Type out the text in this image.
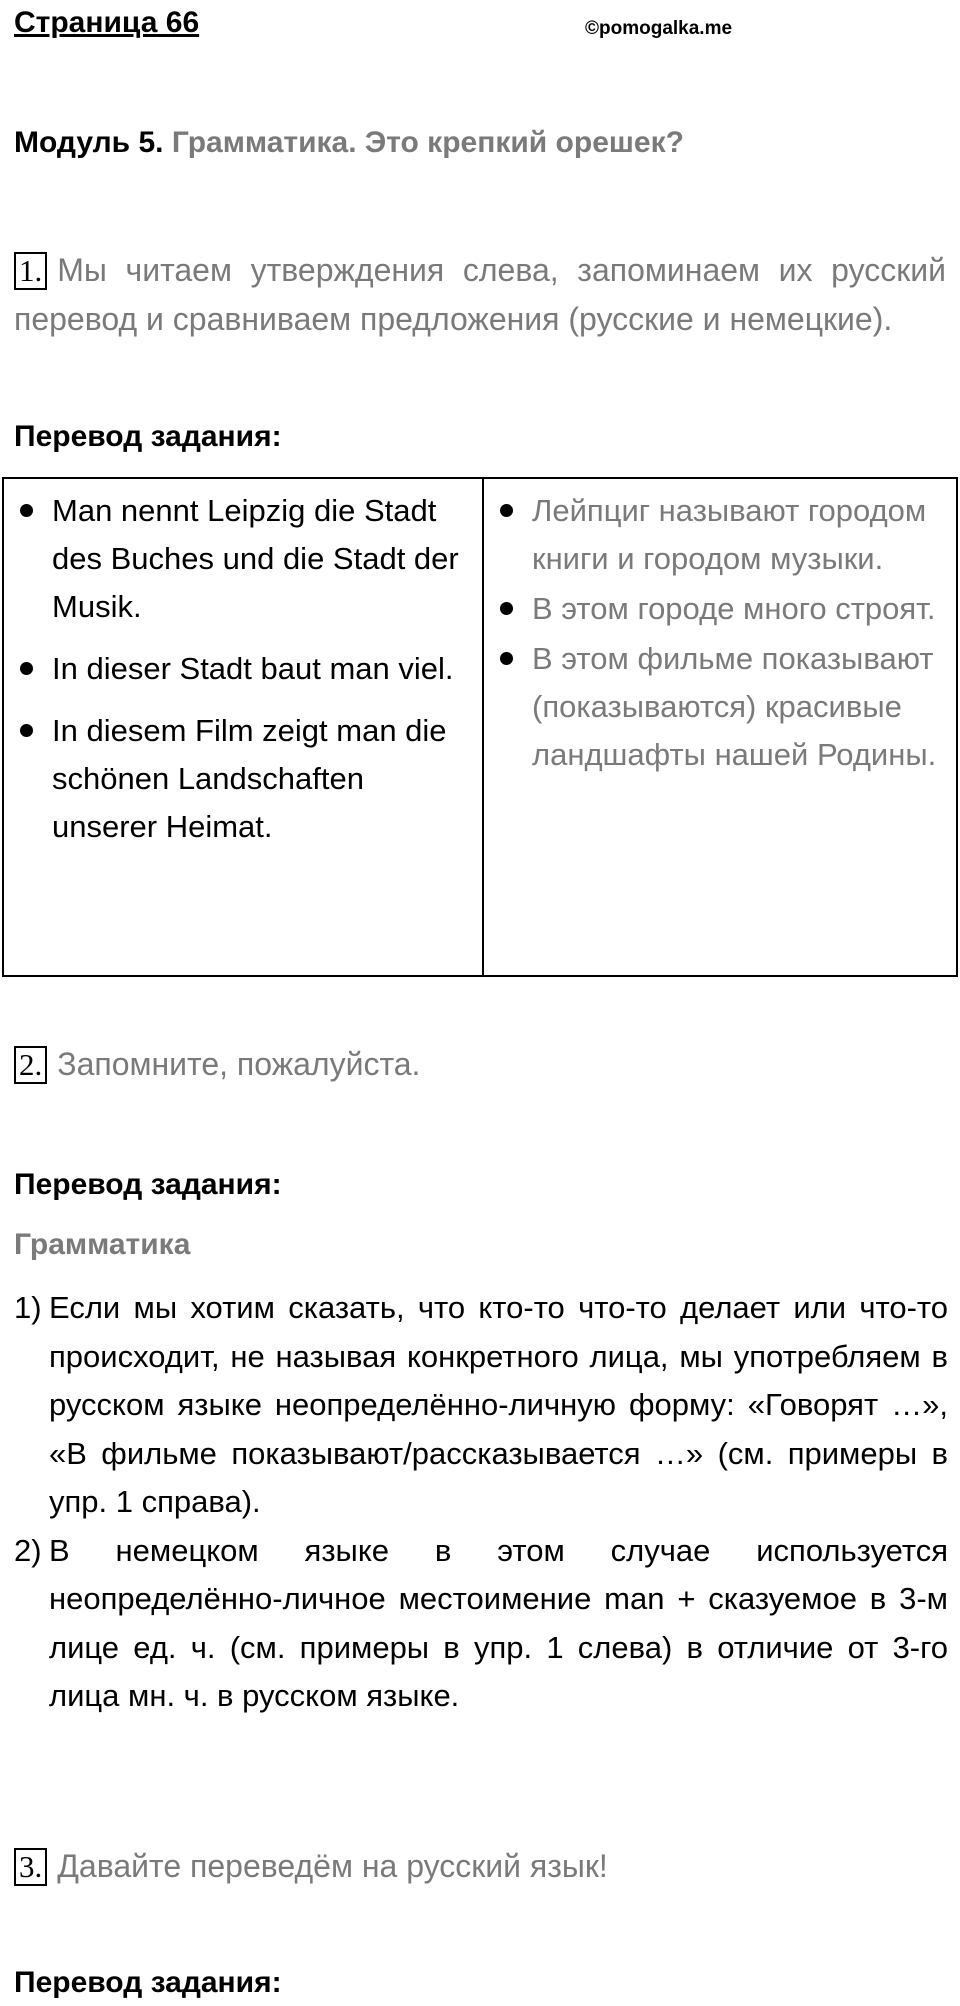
Страница 66	©pomogalka.me
Модуль 5. Грамматика. Это крепкий орешек?
1. Мы читаем утверждения слева, запоминаем их русский перевод и сравниваем предложения (русские и немецкие).
Перевод задания:
Man nennt Leipzig die Stadt des Buches und die Stadt der Musik.
In dieser Stadt baut man viel.
In diesem Film zeigt man die schönen Landschaften unserer Heimat.

Лейпциг называют городом книги и городом музыки.
В этом городе много строят.
В этом фильме показывают (показываются) красивые ландшафты нашей Родины.
2. Запомните, пожалуйста.
Перевод задания:
Грамматика
1) Если мы хотим сказать, что кто-то что-то делает или что-то происходит, не называя конкретного лица, мы употребляем в русском языке неопределённо-личную форму: «Говорят …», «В фильме показывают/рассказывается …» (см. примеры в упр. 1 справа).
2) В немецком языке в этом случае используется неопределённо-личное местоимение man + сказуемое в 3-м лице ед. ч. (см. примеры в упр. 1 слева) в отличие от 3-го лица мн. ч. в русском языке.
3. Давайте переведём на русский язык!
Перевод задания:
